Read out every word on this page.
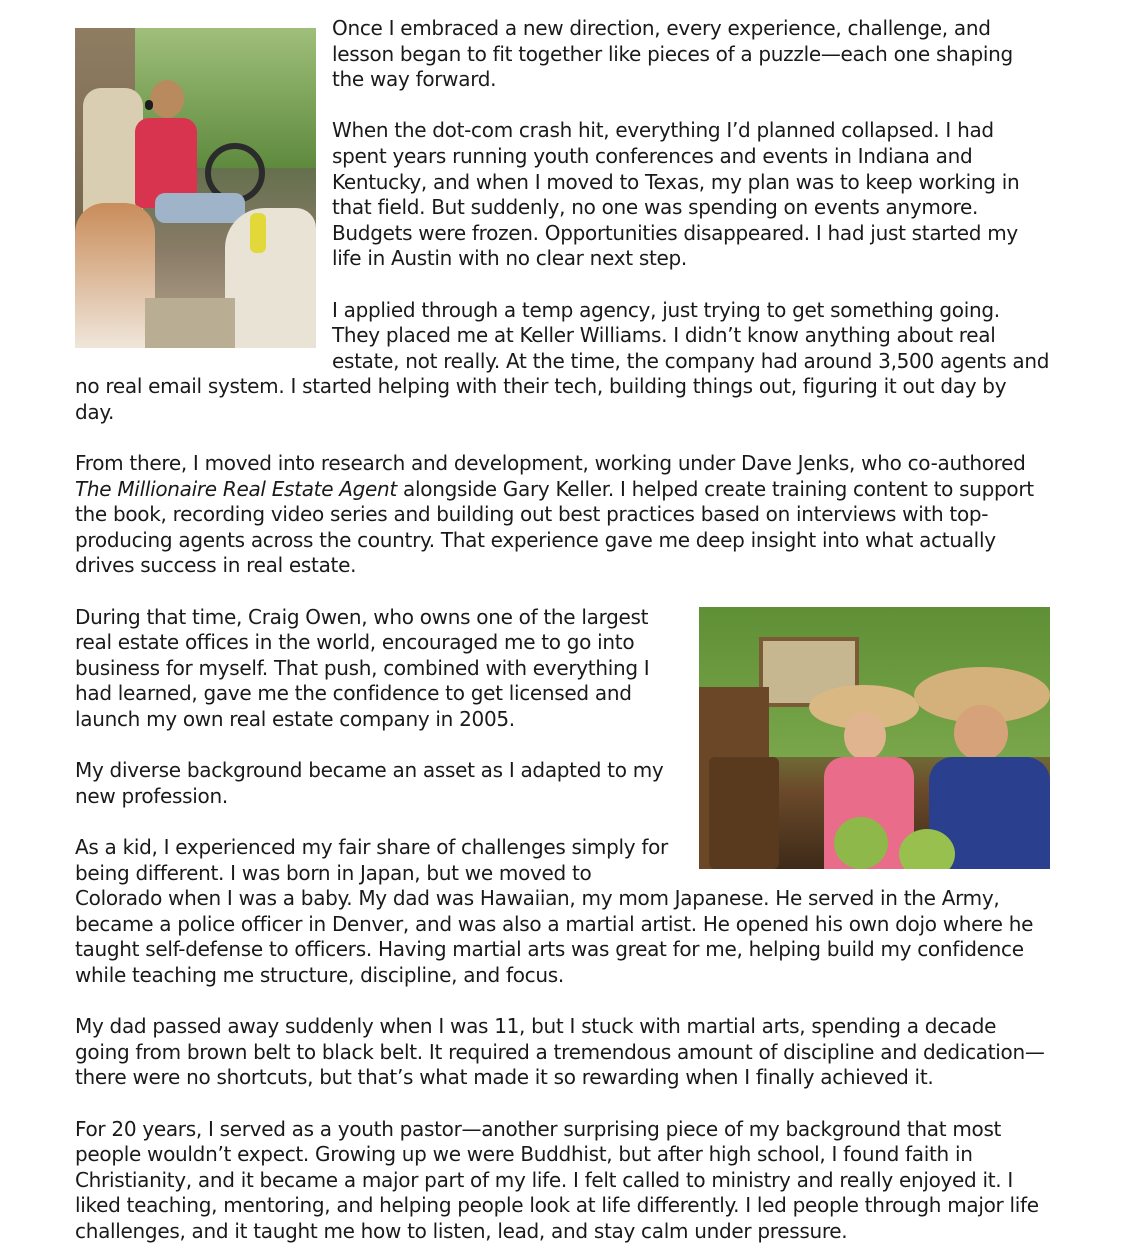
Once I embraced a new direction, every experience, challenge, and lesson began to fit together like pieces of a puzzle—each one shaping the way forward.

When the dot-com crash hit, everything I’d planned collapsed. I had spent years running youth conferences and events in Indiana and Kentucky, and when I moved to Texas, my plan was to keep working in that field. But suddenly, no one was spending on events anymore. Budgets were frozen. Opportunities disappeared. I had just started my life in Austin with no clear next step.

I applied through a temp agency, just trying to get something going. They placed me at Keller Williams. I didn’t know anything about real estate, not really. At the time, the company had around 3,500 agents and no real email system. I started helping with their tech, building things out, figuring it out day by day.

From there, I moved into research and development, working under Dave Jenks, who co-authored The Millionaire Real Estate Agent alongside Gary Keller. I helped create training content to support the book, recording video series and building out best practices based on interviews with top-producing agents across the country. That experience gave me deep insight into what actually drives success in real estate.

During that time, Craig Owen, who owns one of the largest real estate offices in the world, encouraged me to go into business for myself. That push, combined with everything I had learned, gave me the confidence to get licensed and launch my own real estate company in 2005.

My diverse background became an asset as I adapted to my new profession.

As a kid, I experienced my fair share of challenges simply for being different. I was born in Japan, but we moved to Colorado when I was a baby. My dad was Hawaiian, my mom Japanese. He served in the Army, became a police officer in Denver, and was also a martial artist. He opened his own dojo where he taught self-defense to officers. Having martial arts was great for me, helping build my confidence while teaching me structure, discipline, and focus.

My dad passed away suddenly when I was 11, but I stuck with martial arts, spending a decade going from brown belt to black belt. It required a tremendous amount of discipline and dedication—there were no shortcuts, but that’s what made it so rewarding when I finally achieved it.

For 20 years, I served as a youth pastor—another surprising piece of my background that most people wouldn’t expect. Growing up we were Buddhist, but after high school, I found faith in Christianity, and it became a major part of my life. I felt called to ministry and really enjoyed it. I liked teaching, mentoring, and helping people look at life differently. I led people through major life challenges, and it taught me how to listen, lead, and stay calm under pressure.
